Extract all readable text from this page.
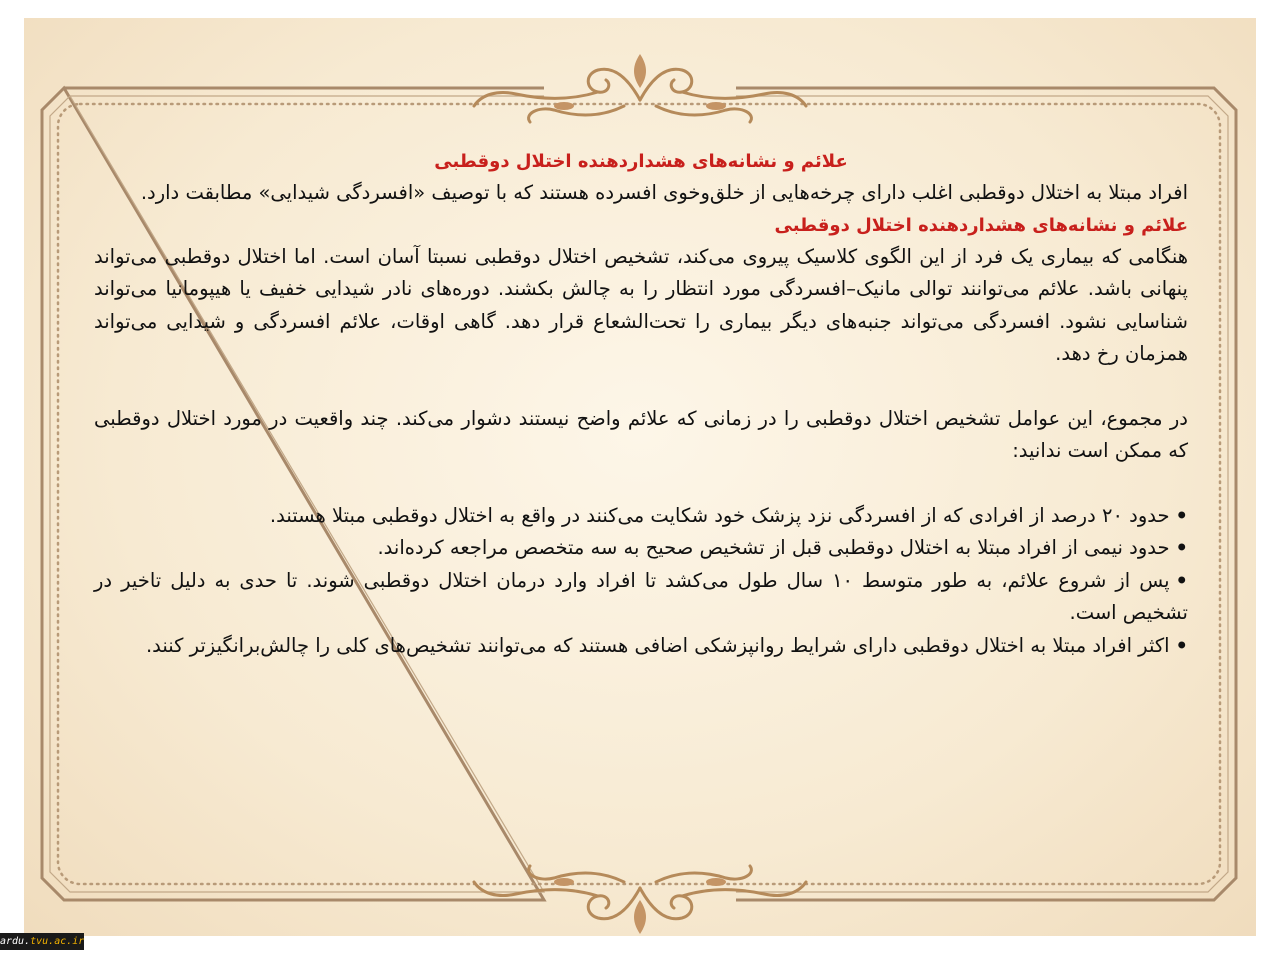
علائم و نشانه‌های هشداردهنده اختلال دوقطبی

افراد مبتلا به اختلال دوقطبی اغلب دارای چرخه‌هایی از خلق‌وخوی افسرده هستند که با توصیف «افسردگی شیدایی» مطابقت دارد.

علائم و نشانه‌های هشداردهنده اختلال دوقطبی

هنگامی که بیماری یک فرد از این الگوی کلاسیک پیروی می‌کند، تشخیص اختلال دوقطبی نسبتا آسان است. اما اختلال دوقطبی می‌تواند پنهانی باشد. علائم می‌توانند توالی مانیک–افسردگی مورد انتظار را به چالش بکشند. دوره‌های نادر شیدایی خفیف یا هیپومانیا می‌تواند شناسایی نشود. افسردگی می‌تواند جنبه‌های دیگر بیماری را تحت‌الشعاع قرار دهد. گاهی اوقات، علائم افسردگی و شیدایی می‌تواند همزمان رخ دهد.

در مجموع، این عوامل تشخیص اختلال دوقطبی را در زمانی که علائم واضح نیستند دشوار می‌کند. چند واقعیت در مورد اختلال دوقطبی که ممکن است ندانید:

•حدود ۲۰ درصد از افرادی که از افسردگی نزد پزشک خود شکایت می‌کنند در واقع به اختلال دوقطبی مبتلا هستند.

•حدود نیمی از افراد مبتلا به اختلال دوقطبی قبل از تشخیص صحیح به سه متخصص مراجعه کرده‌اند.

•پس از شروع علائم، به طور متوسط ۱۰ سال طول می‌کشد تا افراد وارد درمان اختلال دوقطبی شوند. تا حدی به دلیل تاخیر در تشخیص است.

•اکثر افراد مبتلا به اختلال دوقطبی دارای شرایط روانپزشکی اضافی هستند که می‌توانند تشخیص‌های کلی را چالش‌برانگیزتر کنند.

ardu.tvu.ac.ir
